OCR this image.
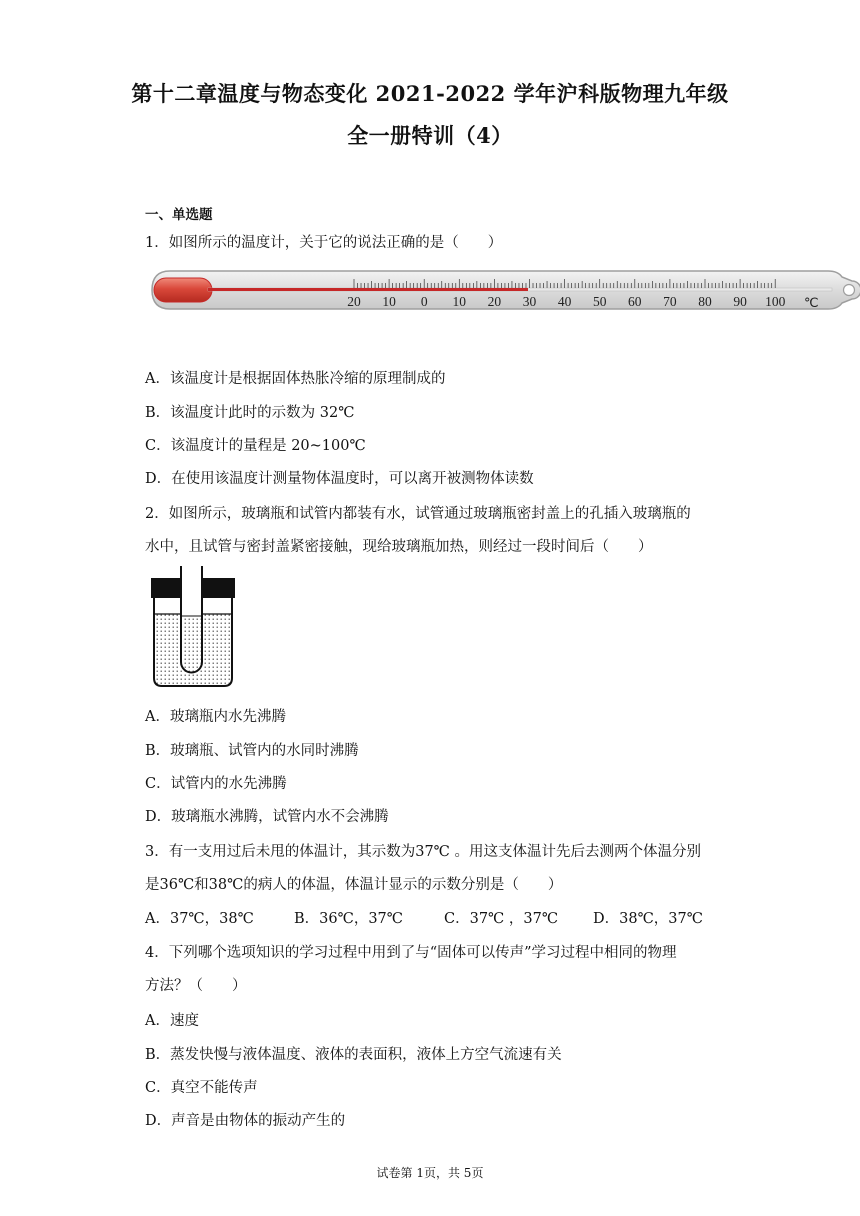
第十二章温度与物态变化 2021-2022 学年沪科版物理九年级
全一册特训（4）
一、单选题
1．如图所示的温度计，关于它的说法正确的是（　　）
20 10 0 10 20 30 40 50 60 70 80 90 100 ℃
A．该温度计是根据固体热胀冷缩的原理制成的
B．该温度计此时的示数为 32℃
C．该温度计的量程是 20~100℃
D．在使用该温度计测量物体温度时，可以离开被测物体读数
2．如图所示，玻璃瓶和试管内都装有水，试管通过玻璃瓶密封盖上的孔插入玻璃瓶的
水中，且试管与密封盖紧密接触，现给玻璃瓶加热，则经过一段时间后（　　）
A．玻璃瓶内水先沸腾
B．玻璃瓶、试管内的水同时沸腾
C．试管内的水先沸腾
D．玻璃瓶水沸腾，试管内水不会沸腾
3．有一支用过后未甩的体温计，其示数为37℃ 。用这支体温计先后去测两个体温分别
是36℃和38℃的病人的体温，体温计显示的示数分别是（　　）
A．37℃，38℃	B．36℃，37℃	C．37℃ ，37℃ D．38℃，37℃
4．下列哪个选项知识的学习过程中用到了与“固体可以传声”学习过程中相同的物理
方法？（　　）
A．速度
B．蒸发快慢与液体温度、液体的表面积，液体上方空气流速有关
C．真空不能传声
D．声音是由物体的振动产生的
试卷第 1页，共 5页
